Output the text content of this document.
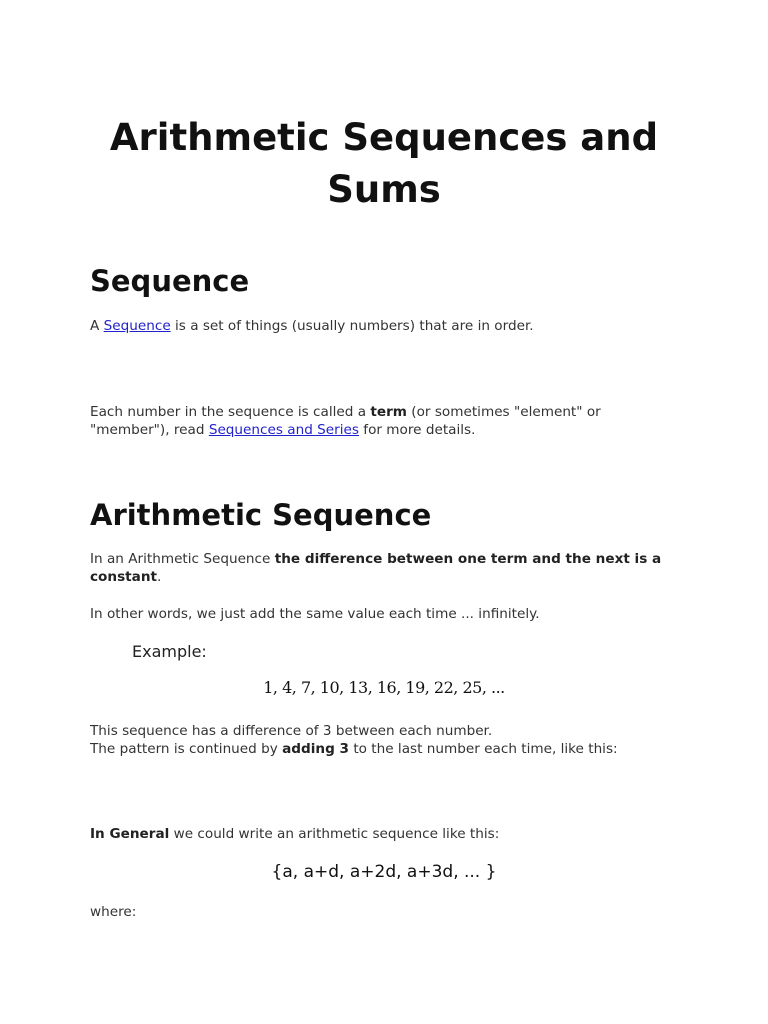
Arithmetic Sequences and Sums
Sequence

A Sequence is a set of things (usually numbers) that are in order.

Each number in the sequence is called a term (or sometimes "element" or "member"), read Sequences and Series for more details.

Arithmetic Sequence

In an Arithmetic Sequence the difference between one term and the next is a constant.

In other words, we just add the same value each time ... infinitely.

Example:

1, 4, 7, 10, 13, 16, 19, 22, 25, ...

This sequence has a difference of 3 between each number.
The pattern is continued by adding 3 to the last number each time, like this:

In General we could write an arithmetic sequence like this:

{a, a+d, a+2d, a+3d, ... }

where:
